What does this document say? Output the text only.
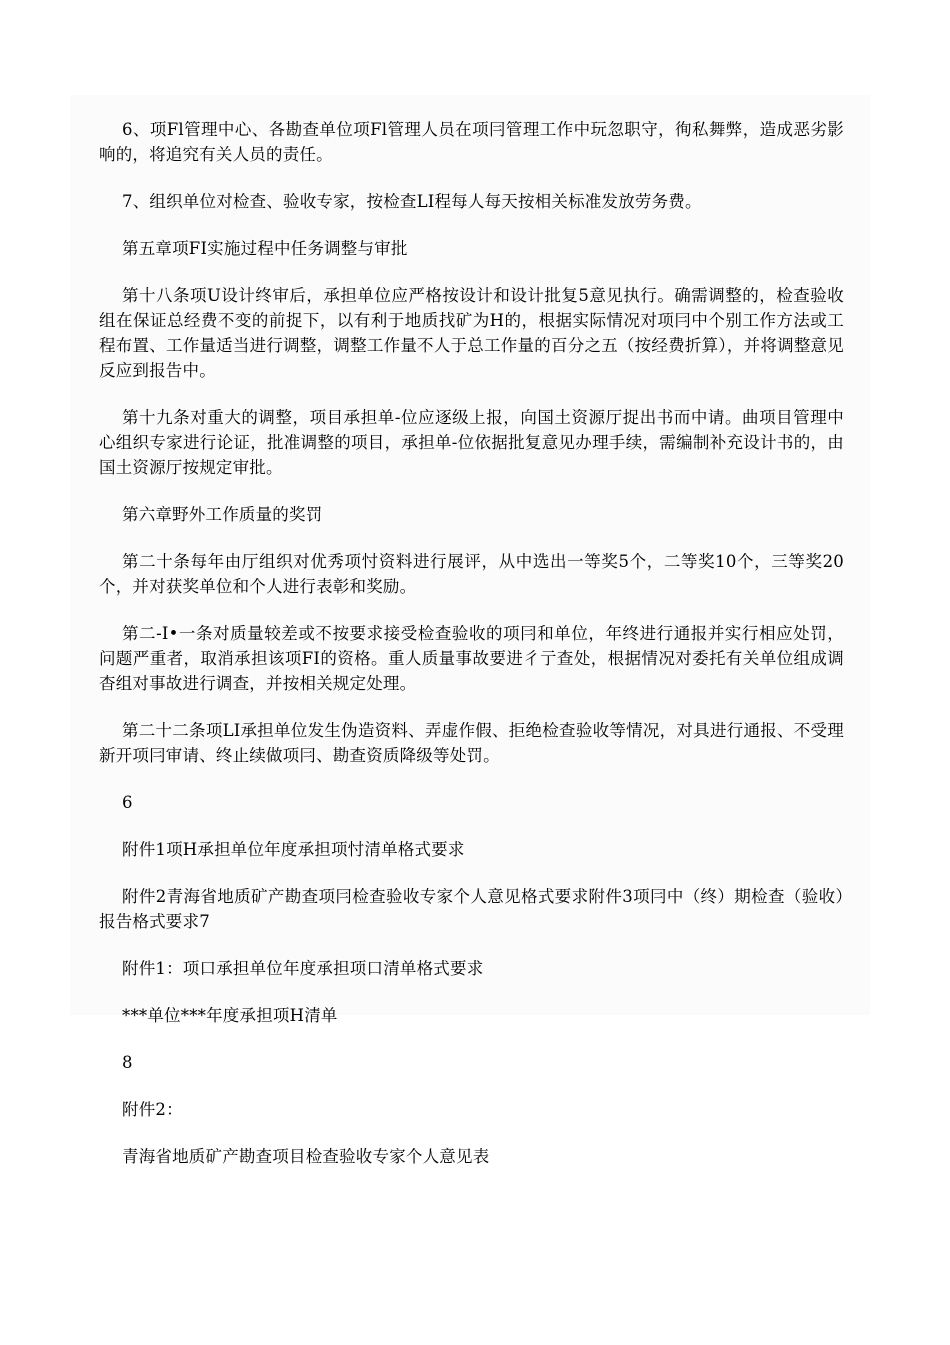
6、项Fl管理中心、各勘查单位项Fl管理人员在项冃管理工作中玩忽职守，徇私舞弊，造成恶劣影响的，将追究有关人员的责任。

7、组织单位对检查、验收专家，按检查LI程每人每天按相关标准发放劳务费。

第五章项FI实施过程中任务调整与审批

第十八条项U设计终审后，承担单位应严格按设计和设计批复5意见执行。确需调整的，检查验收组在保证总经费不变的前捉下，以有利于地质找矿为H的，根据实际情况对项冃中个别工作方法或工程布置、工作量适当进行调整，调整工作量不人于总工作量的百分之五（按经费折算），并将调整意见反应到报告中。

第十九条对重大的调整，项目承担单-位应逐级上报，向国土资源厅捉出书而中请。曲项目管理中心组织专家进行论证，批准调整的项目，承担单-位依据批复意见办理手续，需编制补充设计书的，由国土资源厅按规定审批。

第六章野外工作质量的奖罚

第二十条每年由厅组织对优秀项忖资料进行展评，从中选出一等奖5个，二等奖10个，三等奖20个，并对获奖单位和个人进行表彰和奖励。

第二-I•一条对质量较差或不按要求接受检查验收的项冃和单位，年终进行通报并实行相应处罚，问题严重者，取消承担该项FI的资格。重人质量事故要进彳亍查处，根据情况对委托有关单位组成调杳组对事故进行调查，并按相关规定处理。

第二十二条项LI承担单位发生伪造资料、弄虚作假、拒绝检查验收等情况，对具进行通报、不受理新开项冃审请、终止续做项冃、勘查资质降级等处罚。

6

附件1项H承担单位年度承担项忖清单格式要求

附件2青海省地质矿产勘查项冃检查验收专家个人意见格式要求附件3项冃中（终）期检查（验收）报告格式要求7

附件1：项口承担单位年度承担项口清单格式要求

***单位***年度承担项H清单

8

附件2：

青海省地质矿产勘查项目检查验收专家个人意见表
